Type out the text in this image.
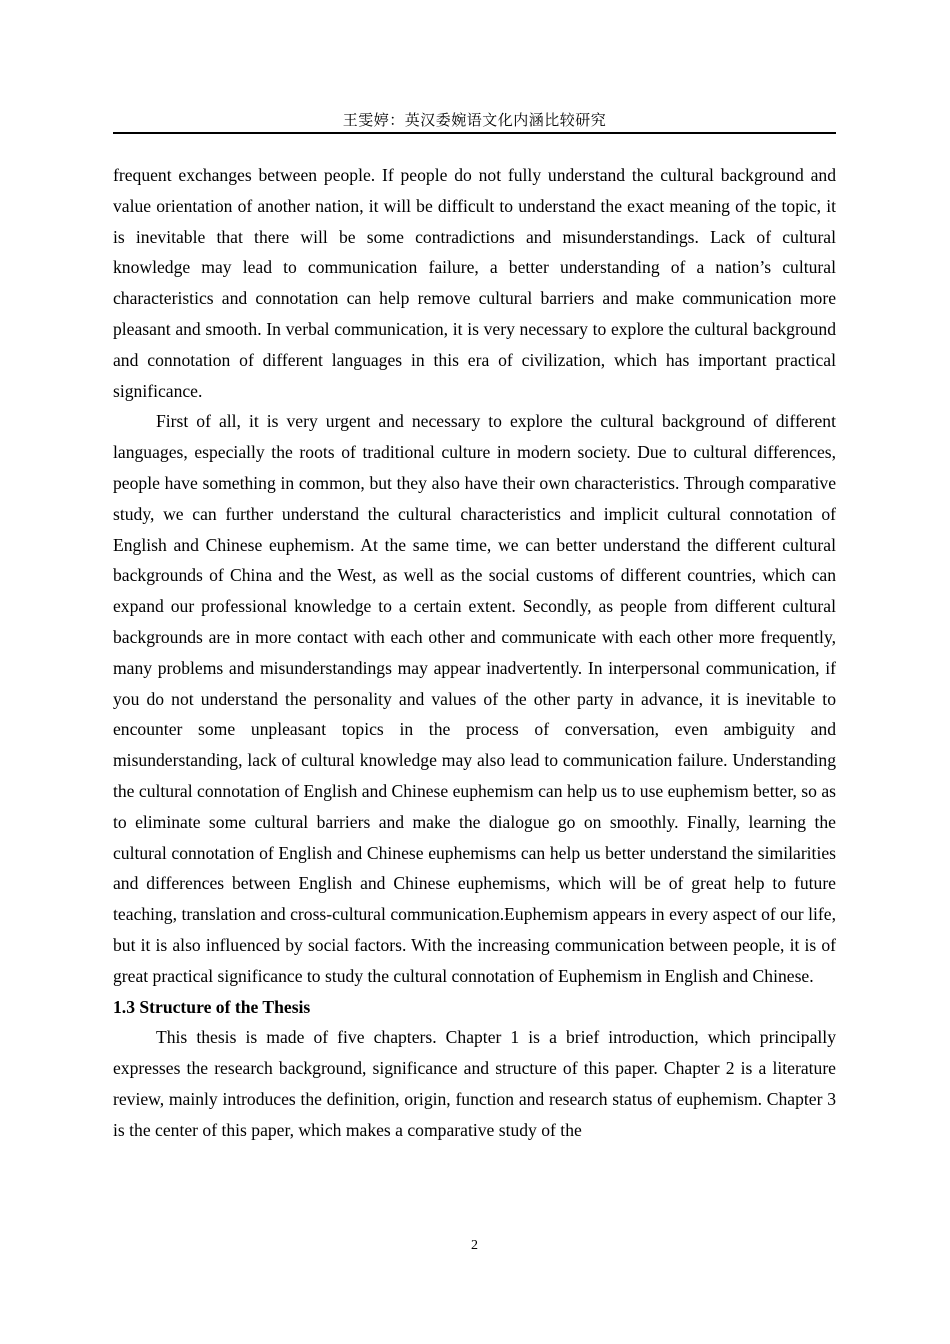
王雯婷：英汉委婉语文化内涵比较研究

frequent exchanges between people. If people do not fully understand the cultural background and value orientation of another nation, it will be difficult to understand the exact meaning of the topic, it is inevitable that there will be some contradictions and misunderstandings. Lack of cultural knowledge may lead to communication failure, a better understanding of a nation’s cultural characteristics and connotation can help remove cultural barriers and make communication more pleasant and smooth. In verbal communication, it is very necessary to explore the cultural background and connotation of different languages in this era of civilization, which has important practical significance.

First of all, it is very urgent and necessary to explore the cultural background of different languages, especially the roots of traditional culture in modern society. Due to cultural differences, people have something in common, but they also have their own characteristics. Through comparative study, we can further understand the cultural characteristics and implicit cultural connotation of English and Chinese euphemism. At the same time, we can better understand the different cultural backgrounds of China and the West, as well as the social customs of different countries, which can expand our professional knowledge to a certain extent. Secondly, as people from different cultural backgrounds are in more contact with each other and communicate with each other more frequently, many problems and misunderstandings may appear inadvertently. In interpersonal communication, if you do not understand the personality and values of the other party in advance, it is inevitable to encounter some unpleasant topics in the process of conversation, even ambiguity and misunderstanding, lack of cultural knowledge may also lead to communication failure. Understanding the cultural connotation of English and Chinese euphemism can help us to use euphemism better, so as to eliminate some cultural barriers and make the dialogue go on smoothly. Finally, learning the cultural connotation of English and Chinese euphemisms can help us better understand the similarities and differences between English and Chinese euphemisms, which will be of great help to future teaching, translation and cross-cultural communication.Euphemism appears in every aspect of our life, but it is also influenced by social factors. With the increasing communication between people, it is of great practical significance to study the cultural connotation of Euphemism in English and Chinese.

1.3 Structure of the Thesis

This thesis is made of five chapters. Chapter 1 is a brief introduction, which principally expresses the research background, significance and structure of this paper. Chapter 2 is a literature review, mainly introduces the definition, origin, function and research status of euphemism. Chapter 3 is the center of this paper, which makes a comparative study of the

2
